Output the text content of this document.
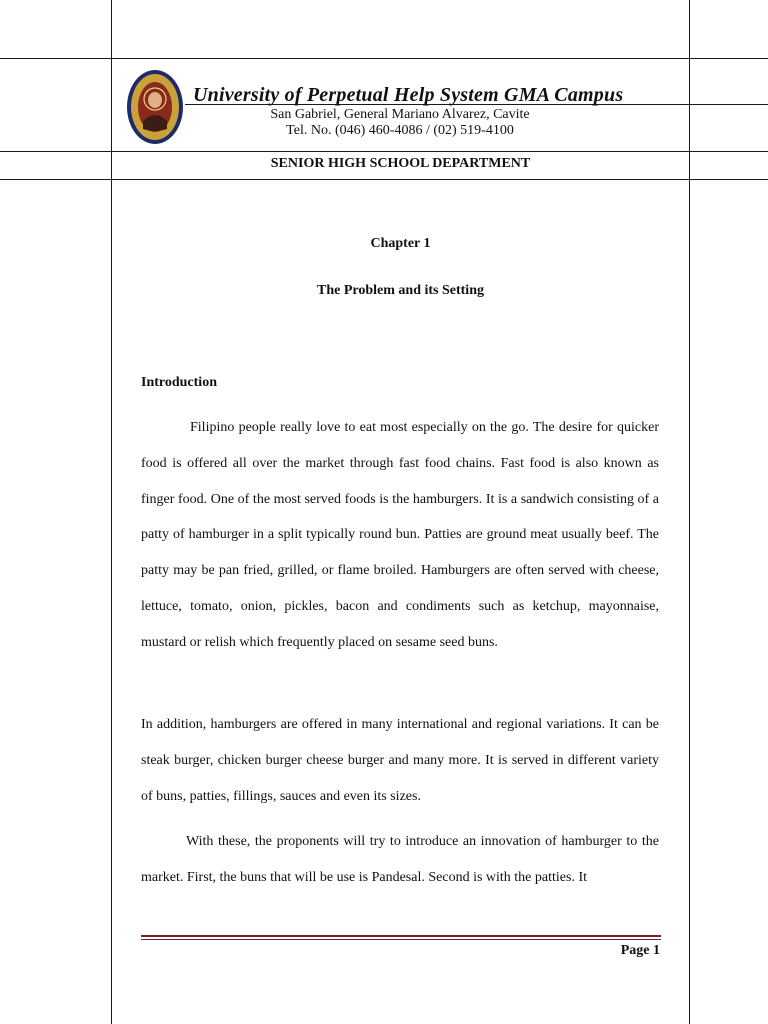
University of Perpetual Help System GMA Campus
San Gabriel, General Mariano Alvarez, Cavite
Tel. No. (046) 460-4086 / (02) 519-4100
SENIOR HIGH SCHOOL DEPARTMENT
Chapter 1
The Problem and its Setting
Introduction

Filipino people really love to eat most especially on the go. The desire for quicker food is offered all over the market through fast food chains. Fast food is also known as finger food. One of the most served foods is the hamburgers. It is a sandwich consisting of a patty of hamburger in a split typically round bun. Patties are ground meat usually beef. The patty may be pan fried, grilled, or flame broiled. Hamburgers are often served with cheese, lettuce, tomato, onion, pickles, bacon and condiments such as ketchup, mayonnaise, mustard or relish which frequently placed on sesame seed buns.

In addition, hamburgers are offered in many international and regional variations. It can be steak burger, chicken burger cheese burger and many more. It is served in different variety of buns, patties, fillings, sauces and even its sizes.

With these, the proponents will try to introduce an innovation of hamburger to the market. First, the buns that will be use is Pandesal. Second is with the patties. It

Page 1
